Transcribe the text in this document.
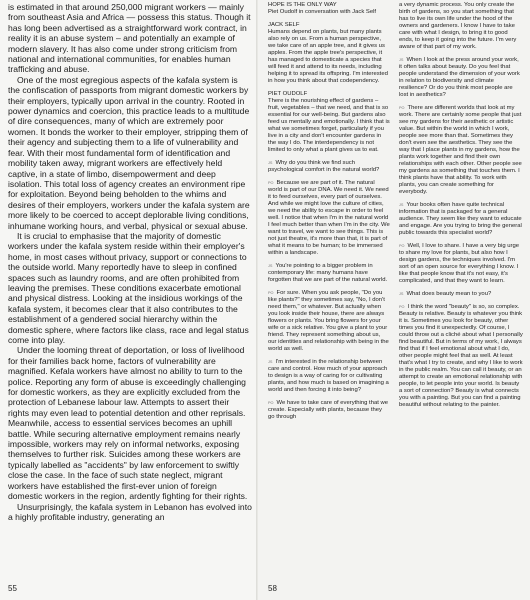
is estimated in that around 250,000 migrant workers — mainly from southeast Asia and Africa — possess this status. Though it has long been advertised as a straightforward work contract, in reality it is an abuse system – and potentially an example of modern slavery. It has also come under strong criticism from national and international communities, for enables human trafficking and abuse.

One of the most egregious aspects of the kafala system is the confiscation of passports from migrant domestic workers by their employers, typically upon arrival in the country. Rooted in power dynamics and coercion, this practice leads to a multitude of dire consequences, many of which are extremely poor women. It bonds the worker to their employer, stripping them of their agency and subjecting them to a life of vulnerability and fear. With their most fundamental form of identification and mobility taken away, migrant workers are effectively held captive, in a state of limbo, disempowerment and deep isolation. This total loss of agency creates an environment ripe for exploitation. Beyond being beholden to the whims and desires of their employers, workers under the kafala system are more likely to be coerced to accept deplorable living conditions, inhumane working hours, and verbal, physical or sexual abuse.

It is crucial to emphasise that the majority of domestic workers under the kafala system reside within their employer's home, in most cases without privacy, support or connections to the outside world. Many reportedly have to sleep in confined spaces such as laundry rooms, and are often prohibited from leaving the premises. These conditions exacerbate emotional and physical distress. Looking at the insidious workings of the kafala system, it becomes clear that it also contributes to the establishment of a gendered social hierarchy within the domestic sphere, where factors like class, race and legal status come into play.

Under the looming threat of deportation, or loss of livelihood for their families back home, factors of vulnerability are magnified. Kefala workers have almost no ability to turn to the police. Reporting any form of abuse is exceedingly challenging for domestic workers, as they are explicitly excluded from the protection of Lebanese labour law. Attempts to assert their rights may even lead to potential detention and other reprisals. Meanwhile, access to essential services becomes an uphill battle. While securing alternative employment remains nearly impossible, workers may rely on informal networks, exposing themselves to further risk. Suicides among these workers are typically labelled as "accidents" by law enforcement to swiftly close the case. In the face of such state neglect, migrant workers have established the first-ever union of foreign domestic workers in the region, ardently fighting for their rights.

Unsurprisingly, the kafala system in Lebanon has evolved into a highly profitable industry, generating an

55

HOPE IS THE ONLY WAY

Piet Oudolf in conversation with Jack Self

JACK SELF

Humans depend on plants, but many plants also rely on us. From a human perspective, we take care of an apple tree, and it gives us apples. From the apple tree's perspective, it has managed to domesticate a species that will feed it and attend to its needs, including helping it to spread its offspring. I'm interested in how you think about that codependency.

PIET OUDOLF

There is the nourishing effect of gardens – fruit, vegetables – that we need, and that is so essential for our well-being. But gardens also feed us mentally and emotionally. I think that is what we sometimes forget, particularly if you live in a city and don't encounter gardens in the way I do. The interdependency is not limited to only what a plant gives us to eat.

JS Why do you think we find such psychological comfort in the natural world?

PO Because we are part of it. The natural world is part of our DNA. We need it. We need it to feed ourselves, every part of ourselves. And while we might love the culture of cities, we need the ability to escape in order to feel well. I notice that when I'm in the natural world I feel much better than when I'm in the city. We want to travel, we want to see things. This is not just theatre, it's more than that, it is part of what it means to be human; to be immersed within a landscape.

JS You're pointing to a bigger problem in contemporary life: many humans have forgotten that we are part of the natural world.

PO For sure. When you ask people, "Do you like plants?" they sometimes say, "No, I don't need them," or whatever. But actually when you look inside their house, there are always flowers or plants. You bring flowers for your wife or a sick relative. You give a plant to your friend. They represent something about us, our identities and relationship with being in the world as well.

JS I'm interested in the relationship between care and control. How much of your approach to design is a way of caring for or cultivating plants, and how much is based on imagining a world and then forcing it into being?

PO We have to take care of everything that we create. Especially with plants, because they go through

a very dynamic process. You only create the birth of gardens, so you start something that has to live its own life under the hood of the owners and gardeners. I know I have to take care with what I design, to bring it to good ends, to keep it going into the future. I'm very aware of that part of my work.

JS When I look at the press around your work, it often talks about beauty. Do you feel that people understand the dimension of your work in relation to biodiversity and climate resilience? Or do you think most people are lost in aesthetics?

PO There are different worlds that look at my work. There are certainly some people that just see my gardens for their aesthetic or artistic value. But within the world in which I work, people see more than that. Sometimes they don't even see the aesthetics. They see the way that I place plants in my gardens, how the plants work together and find their own relationships with each other. Other people see my gardens as something that touches them. I think plants have that ability. To work with plants, you can create something for everybody.

JS Your books often have quite technical information that is packaged for a general audience. They seem like they want to educate and engage. Are you trying to bring the general public towards this specialist world?

PO Well, I love to share. I have a very big urge to share my love for plants, but also how I design gardens, the techniques involved. I'm sort of an open source for everything I know. I like that people know that it's not easy, it's complicated, and that they want to learn.

JS What does beauty mean to you?

PO I think the word "beauty" is so, so complex. Beauty is relative. Beauty is whatever you think it is. Sometimes you look for beauty, other times you find it unexpectedly. Of course, I could throw out a cliché about what I personally find beautiful. But in terms of my work, I always find that if I feel emotional about what I do, other people might feel that as well. At least that's what I try to create, and why I like to work in the public realm. You can call it beauty, or an attempt to create an emotional relationship with people, to let people into your world. Is beauty a sort of connection? Beauty is what connects you with a painting. But you can find a painting beautiful without relating to the painter.

58
